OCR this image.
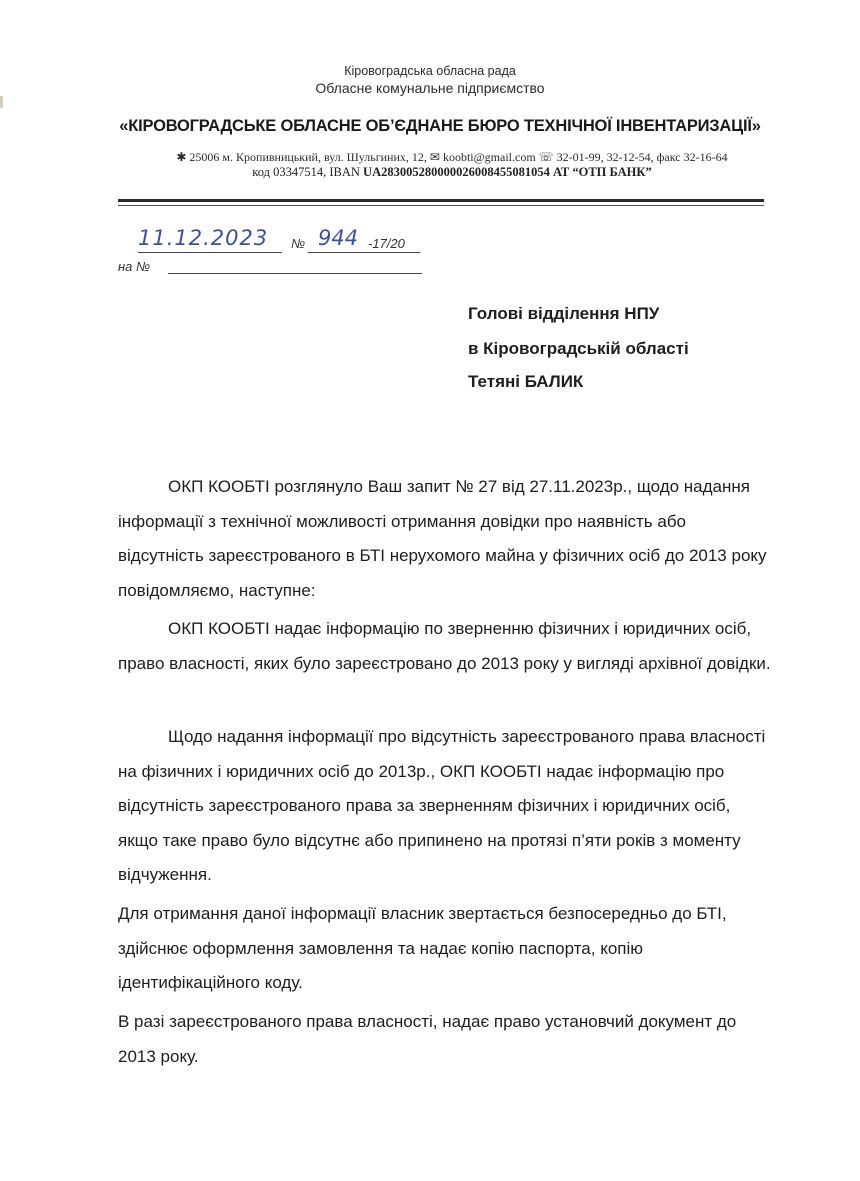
Кіровоградська обласна рада
Обласне комунальне підприємство
«КІРОВОГРАДСЬКЕ ОБЛАСНЕ ОБ’ЄДНАНЕ БЮРО ТЕХНІЧНОЇ ІНВЕНТАРИЗАЦІЇ»
✱ 25006 м. Кропивницький, вул. Шульгиних, 12, ✉ koobti@gmail.com ☏ 32-01-99, 32-12-54, факс 32-16-64
код 03347514, IBAN UA283005280000026008455081054 АТ “ОТП БАНК”
11.12.2023 № 944 -17/20
на №
Голові відділення НПУ
в Кіровоградській області
Тетяні БАЛИК

ОКП КООБТІ розглянуло Ваш запит № 27 від 27.11.2023р., щодо надання інформації з технічної можливості отримання довідки про наявність або відсутність зареєстрованого в БТІ нерухомого майна у фізичних осіб до 2013 року повідомляємо, наступне:

ОКП КООБТІ надає інформацію по зверненню фізичних і юридичних осіб, право власності, яких було зареєстровано до 2013 року у вигляді архівної довідки.

Щодо надання інформації про відсутність зареєстрованого права власності на фізичних і юридичних осіб до 2013р., ОКП КООБТІ надає інформацію про відсутність зареєстрованого права за зверненням фізичних і юридичних осіб, якщо таке право було відсутнє або припинено на протязі п’яти років з моменту відчуження.

Для отримання даної інформації власник звертається безпосередньо до БТІ, здійснює оформлення замовлення та надає копію паспорта, копію ідентифікаційного коду.

В разі зареєстрованого права власності, надає право установчий документ до 2013 року.
